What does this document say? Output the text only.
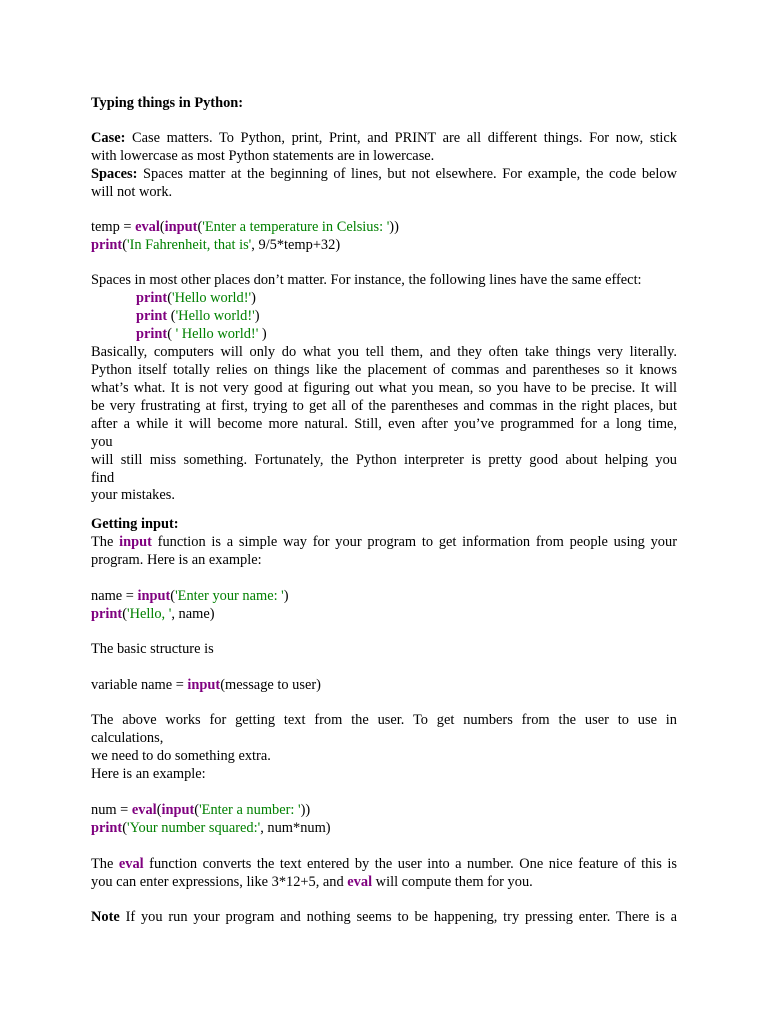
Typing things in Python:
Case: Case matters. To Python, print, Print, and PRINT are all different things. For now, stick
with lowercase as most Python statements are in lowercase.
Spaces: Spaces matter at the beginning of lines, but not elsewhere. For example, the code below
will not work.
temp = eval(input('Enter a temperature in Celsius: '))
print('In Fahrenheit, that is', 9/5*temp+32)
Spaces in most other places don’t matter. For instance, the following lines have the same effect:
print('Hello world!')
print ('Hello world!')
print( ' Hello world!' )
Basically, computers will only do what you tell them, and they often take things very literally.
Python itself totally relies on things like the placement of commas and parentheses so it knows
what’s what. It is not very good at figuring out what you mean, so you have to be precise. It will
be very frustrating at first, trying to get all of the parentheses and commas in the right places, but
after a while it will become more natural. Still, even after you’ve programmed for a long time,
you
will still miss something. Fortunately, the Python interpreter is pretty good about helping you
find
your mistakes.
Getting input:
The input function is a simple way for your program to get information from people using your
program. Here is an example:
name = input('Enter your name: ')
print('Hello, ', name)
The basic structure is
variable name = input(message to user)
The above works for getting text from the user. To get numbers from the user to use in
calculations,
we need to do something extra.
Here is an example:
num = eval(input('Enter a number: '))
print('Your number squared:', num*num)
The eval function converts the text entered by the user into a number. One nice feature of this is
you can enter expressions, like 3*12+5, and eval will compute them for you.
Note If you run your program and nothing seems to be happening, try pressing enter. There is a
